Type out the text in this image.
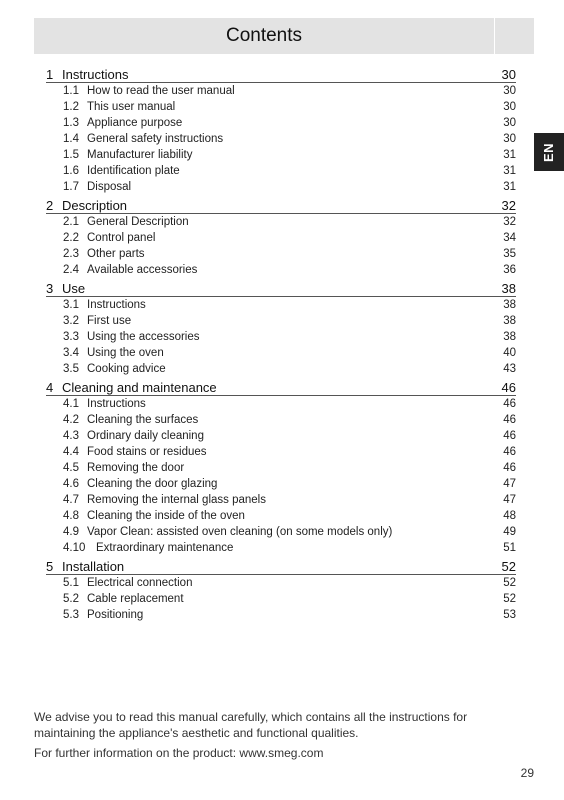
Contents
EN
1 Instructions	30
1.1 How to read the user manual	30
1.2 This user manual	30
1.3 Appliance purpose	30
1.4 General safety instructions	30
1.5 Manufacturer liability	31
1.6 Identification plate	31
1.7 Disposal	31
2 Description	32
2.1 General Description	32
2.2 Control panel	34
2.3 Other parts	35
2.4 Available accessories	36
3 Use	38
3.1 Instructions	38
3.2 First use	38
3.3 Using the accessories	38
3.4 Using the oven	40
3.5 Cooking advice	43
4 Cleaning and maintenance	46
4.1 Instructions	46
4.2 Cleaning the surfaces	46
4.3 Ordinary daily cleaning	46
4.4 Food stains or residues	46
4.5 Removing the door	46
4.6 Cleaning the door glazing	47
4.7 Removing the internal glass panels	47
4.8 Cleaning the inside of the oven	48
4.9 Vapor Clean: assisted oven cleaning (on some models only)	49
4.10 Extraordinary maintenance	51
5 Installation	52
5.1 Electrical connection	52
5.2 Cable replacement	52
5.3 Positioning	53

We advise you to read this manual carefully, which contains all the instructions for maintaining the appliance's aesthetic and functional qualities.

For further information on the product: www.smeg.com

29
